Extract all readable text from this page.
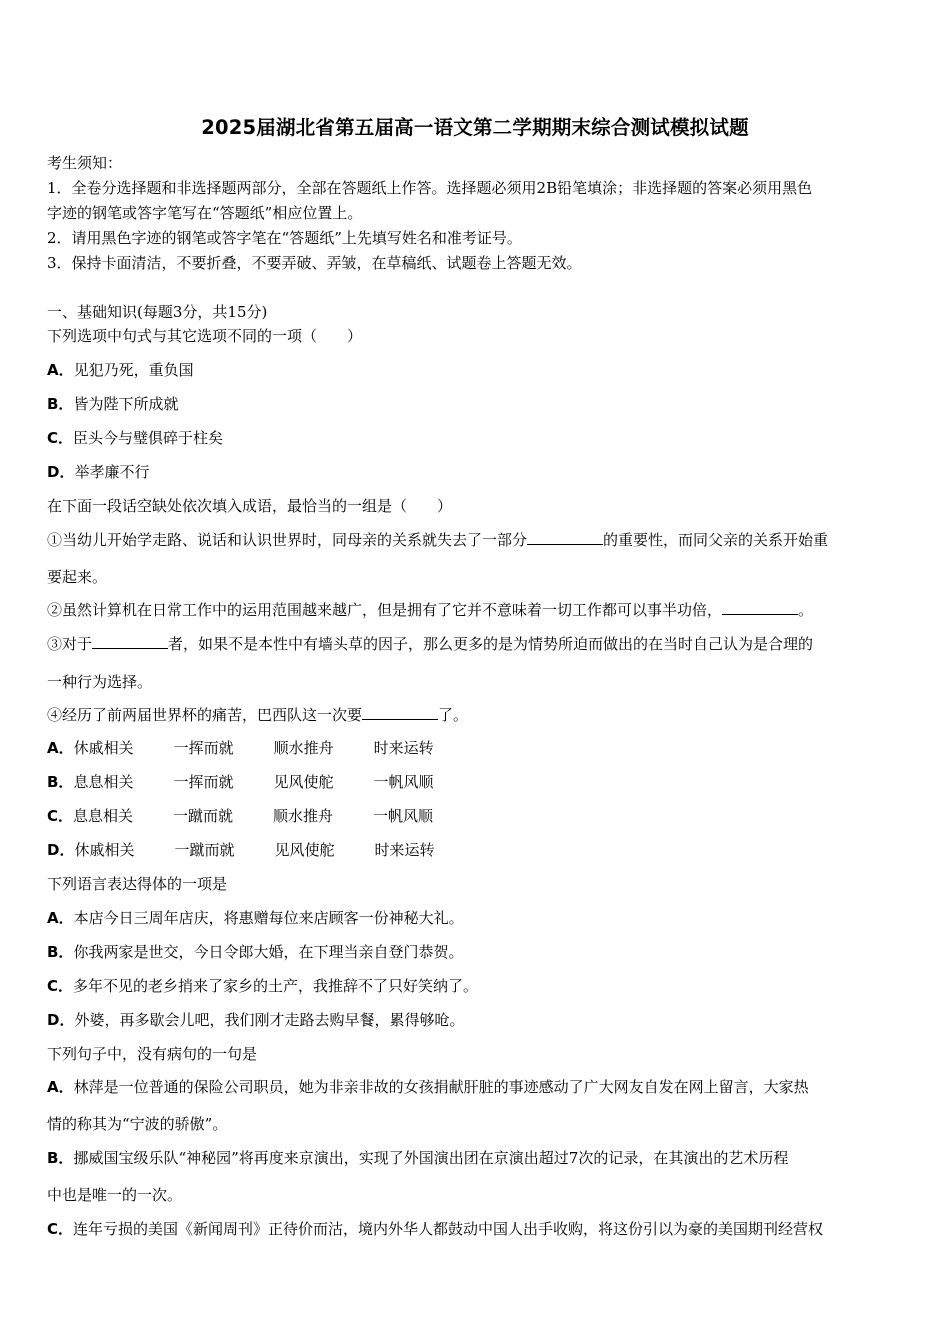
2025届湖北省第五届高一语文第二学期期末综合测试模拟试题
考生须知：
1．全卷分选择题和非选择题两部分，全部在答题纸上作答。选择题必须用2B铅笔填涂；非选择题的答案必须用黑色
字迹的钢笔或答字笔写在“答题纸”相应位置上。
2．请用黑色字迹的钢笔或答字笔在“答题纸”上先填写姓名和准考证号。
3．保持卡面清洁，不要折叠，不要弄破、弄皱，在草稿纸、试题卷上答题无效。
一、基础知识(每题3分，共15分)
下列选项中句式与其它选项不同的一项（　　）
A．见犯乃死，重负国
B．皆为陛下所成就
C．臣头今与璧俱碎于柱矣
D．举孝廉不行
在下面一段话空缺处依次填入成语，最恰当的一组是（　　）
①当幼儿开始学走路、说话和认识世界时，同母亲的关系就失去了一部分	的重要性，而同父亲的关系开始重
要起来。
②虽然计算机在日常工作中的运用范围越来越广，但是拥有了它并不意味着一切工作都可以事半功倍，	。
③对于	者，如果不是本性中有墙头草的因子，那么更多的是为情势所迫而做出的在当时自己认为是合理的
一种行为选择。
④经历了前两届世界杯的痛苦，巴西队这一次要	了。
A．休戚相关	一挥而就	顺水推舟	时来运转
B．息息相关	一挥而就	见风使舵	一帆风顺
C．息息相关	一蹴而就	顺水推舟	一帆风顺
D．休戚相关	一蹴而就	见风使舵	时来运转
下列语言表达得体的一项是
A．本店今日三周年店庆，将惠赠每位来店顾客一份神秘大礼。
B．你我两家是世交，今日令郎大婚，在下理当亲自登门恭贺。
C．多年不见的老乡捎来了家乡的土产，我推辞不了只好笑纳了。
D．外婆，再多歇会儿吧，我们刚才走路去购早餐，累得够呛。
下列句子中，没有病句的一句是
A．林萍是一位普通的保险公司职员，她为非亲非故的女孩捐献肝脏的事迹感动了广大网友自发在网上留言，大家热
情的称其为“宁波的骄傲”。
B．挪威国宝级乐队“神秘园”将再度来京演出，实现了外国演出团在京演出超过7次的记录，在其演出的艺术历程
中也是唯一的一次。
C．连年亏损的美国《新闻周刊》正待价而沽，境内外华人都鼓动中国人出手收购，将这份引以为豪的美国期刊经营权
